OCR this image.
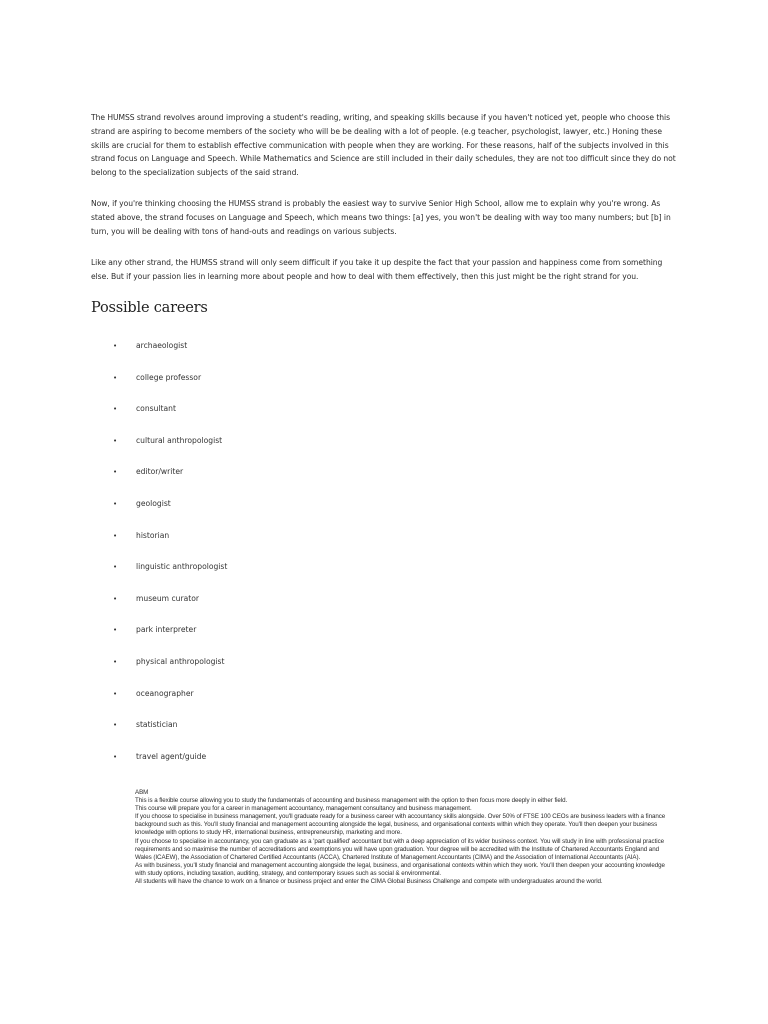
The HUMSS strand revolves around improving a student's reading, writing, and speaking skills because if you haven't noticed yet, people who choose this strand are aspiring to become members of the society who will be be dealing with a lot of people. (e.g teacher, psychologist, lawyer, etc.) Honing these skills are crucial for them to establish effective communication with people when they are working. For these reasons, half of the subjects involved in this strand focus on Language and Speech. While Mathematics and Science are still included in their daily schedules, they are not too difficult since they do not belong to the specialization subjects of the said strand.

Now, if you're thinking choosing the HUMSS strand is probably the easiest way to survive Senior High School, allow me to explain why you're wrong. As stated above, the strand focuses on Language and Speech, which means two things: [a] yes, you won't be dealing with way too many numbers; but [b] in turn, you will be dealing with tons of hand-outs and readings on various subjects.

Like any other strand, the HUMSS strand will only seem difficult if you take it up despite the fact that your passion and happiness come from something else. But if your passion lies in learning more about people and how to deal with them effectively, then this just might be the right strand for you.

Possible careers
• archaeologist
• college professor
• consultant
• cultural anthropologist
• editor/writer
• geologist
• historian
• linguistic anthropologist
• museum curator
• park interpreter
• physical anthropologist
• oceanographer
• statistician
• travel agent/guide
ABM
This is a flexible course allowing you to study the fundamentals of accounting and business management with the option to then focus more deeply in either field.
This course will prepare you for a career in management accountancy, management consultancy and business management.
If you choose to specialise in business management, you'll graduate ready for a business career with accountancy skills alongside. Over 50% of FTSE 100 CEOs are business leaders with a finance background such as this. You'll study financial and management accounting alongside the legal, business, and organisational contexts within which they operate. You'll then deepen your business knowledge with options to study HR, international business, entrepreneurship, marketing and more.
If you choose to specialise in accountancy, you can graduate as a 'part qualified' accountant but with a deep appreciation of its wider business context. You will study in line with professional practice requirements and so maximise the number of accreditations and exemptions you will have upon graduation. Your degree will be accredited with the Institute of Chartered Accountants England and Wales (ICAEW), the Association of Chartered Certified Accountants (ACCA), Chartered Institute of Management Accountants (CIMA) and the Association of International Accountants (AIA).
As with business, you'll study financial and management accounting alongside the legal, business, and organisational contexts within which they work. You'll then deepen your accounting knowledge with study options, including taxation, auditing, strategy, and contemporary issues such as social & environmental.
All students will have the chance to work on a finance or business project and enter the CIMA Global Business Challenge and compete with undergraduates around the world.
